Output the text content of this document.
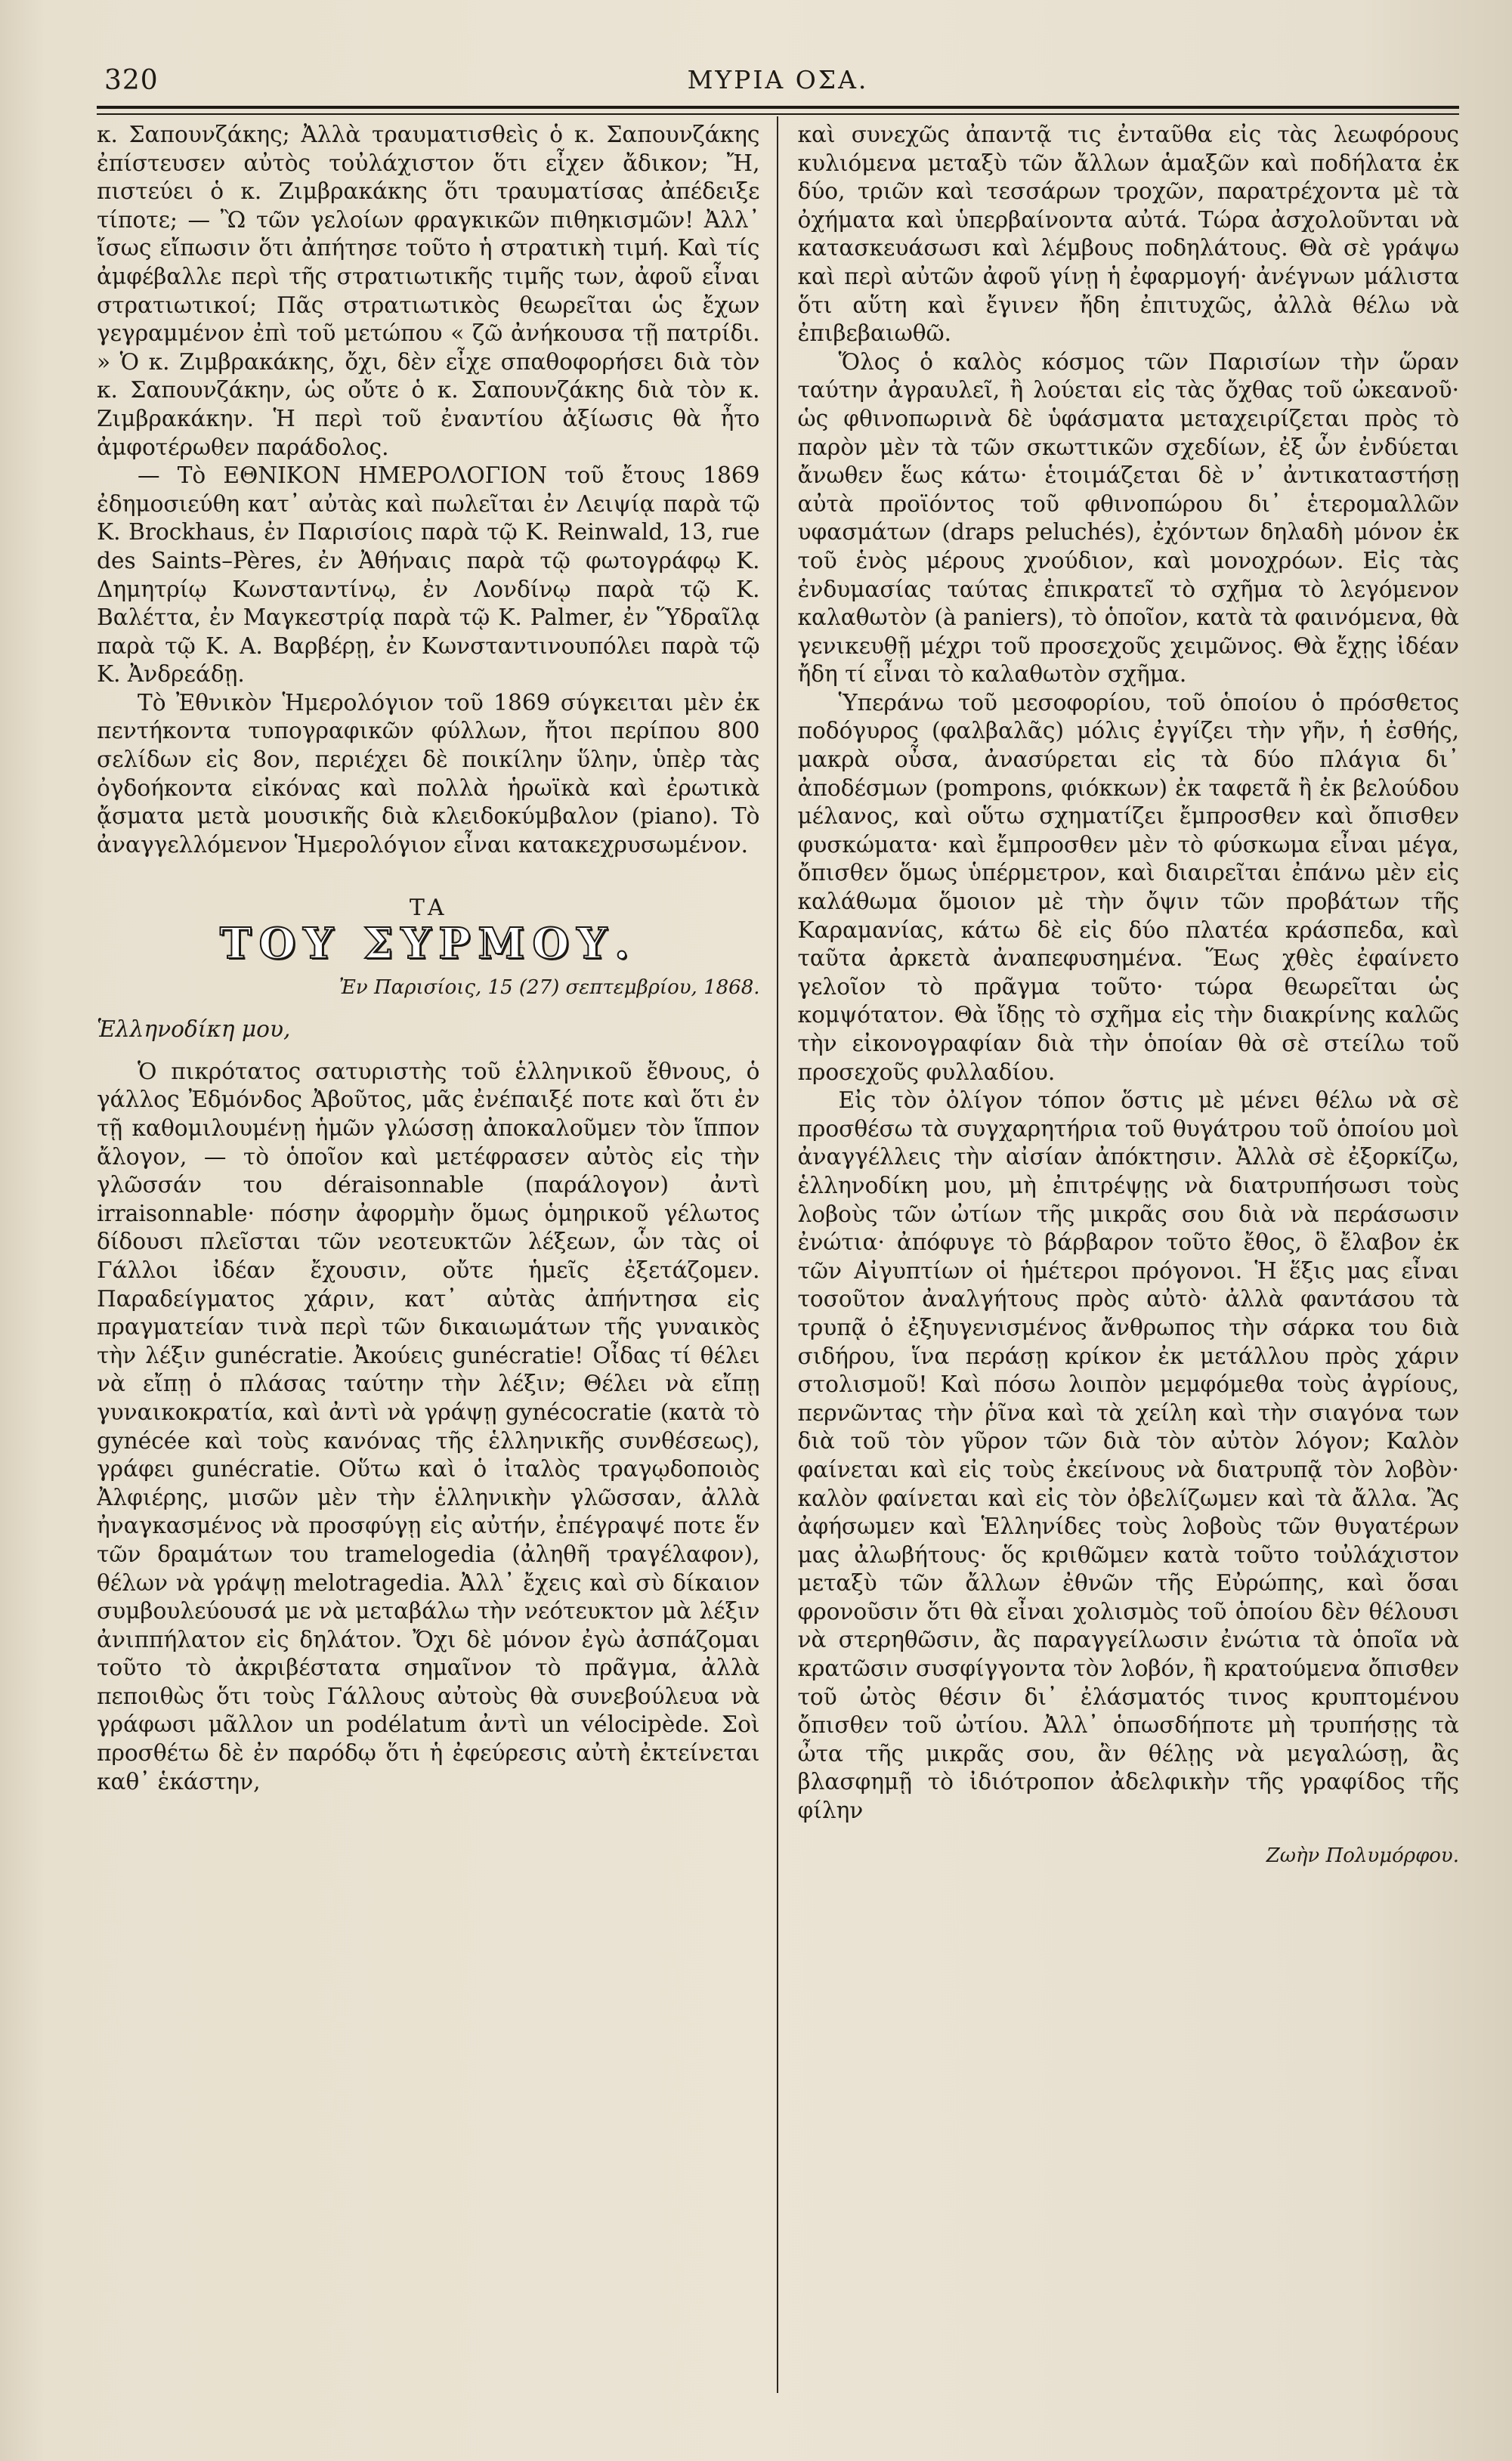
320	ΜΥΡΙΑ ΟΣΑ.

κ. Σαπουνζάκης; Ἀλλὰ τραυματισθεὶς ὁ κ. Σαπουνζάκης ἐπίστευσεν αὐτὸς τοὐλάχιστον ὅτι εἶχεν ἄδικον; Ἤ, πιστεύει ὁ κ. Ζιμβρακάκης ὅτι τραυματίσας ἀπέδειξε τίποτε; — Ὢ τῶν γελοίων φραγκικῶν πιθηκισμῶν! Ἀλλ᾽ ἴσως εἴπωσιν ὅτι ἀπήτησε τοῦτο ἡ στρατικὴ τιμή. Καὶ τίς ἀμφέβαλλε περὶ τῆς στρατιωτικῆς τιμῆς των, ἀφοῦ εἶναι στρατιωτικοί; Πᾶς στρατιωτικὸς θεωρεῖται ὡς ἔχων γεγραμμένον ἐπὶ τοῦ μετώπου « ζῶ ἀνήκουσα τῇ πατρίδι. » Ὁ κ. Ζιμβρακάκης, ὄχι, δὲν εἶχε σπαθοφορήσει διὰ τὸν κ. Σαπουνζάκην, ὡς οὔτε ὁ κ. Σαπουνζάκης διὰ τὸν κ. Ζιμβρακάκην. Ἡ περὶ τοῦ ἐναντίου ἀξίωσις θὰ ἦτο ἀμφοτέρωθεν παράδολος.

— Τὸ ΕΘΝΙΚΟΝ ΗΜΕΡΟΛΟΓΙΟΝ τοῦ ἔτους 1869 ἐδημοσιεύθη κατ᾽ αὐτὰς καὶ πωλεῖται ἐν Λειψίᾳ παρὰ τῷ Κ. Brockhaus, ἐν Παρισίοις παρὰ τῷ Κ. Reinwald, 13, rue des Saints–Pères, ἐν Ἀθήναις παρὰ τῷ φωτογράφῳ Κ. Δημητρίῳ Κωνσταντίνῳ, ἐν Λονδίνῳ παρὰ τῷ Κ. Βαλέττα, ἐν Μαγκεστρίᾳ παρὰ τῷ Κ. Palmer, ἐν Ὕδραῖλᾳ παρὰ τῷ Κ. Α. Βαρβέρῃ, ἐν Κωνσταντινουπόλει παρὰ τῷ Κ. Ἀνδρεάδῃ.

Τὸ Ἐθνικὸν Ἡμερολόγιον τοῦ 1869 σύγκειται μὲν ἐκ πεντήκοντα τυπογραφικῶν φύλλων, ἤτοι περίπου 800 σελίδων εἰς 8ον, περιέχει δὲ ποικίλην ὕλην, ὑπὲρ τὰς ὀγδοήκοντα εἰκόνας καὶ πολλὰ ἡρωϊκὰ καὶ ἐρωτικὰ ᾄσματα μετὰ μουσικῆς διὰ κλειδοκύμβαλον (piano). Τὸ ἀναγγελλόμενον Ἡμερολόγιον εἶναι κατακεχρυσωμένον.

ΤΑ
ΤΟΥ ΣΥΡΜΟΥ.
Ἐν Παρισίοις, 15 (27) σεπτεμβρίου, 1868.

Ἑλληνοδίκη μου,

Ὁ πικρότατος σατυριστὴς τοῦ ἑλληνικοῦ ἔθνους, ὁ γάλλος Ἐδμόνδος Ἀβοῦτος, μᾶς ἐνέπαιξέ ποτε καὶ ὅτι ἐν τῇ καθομιλουμένῃ ἡμῶν γλώσσῃ ἀποκαλοῦμεν τὸν ἵππον ἄλογον, — τὸ ὁποῖον καὶ μετέφρασεν αὐτὸς εἰς τὴν γλῶσσάν του déraisonnable (παράλογον) ἀντὶ irraisonnable· πόσην ἀφορμὴν ὅμως ὁμηρικοῦ γέλωτος δίδουσι πλεῖσται τῶν νεοτευκτῶν λέξεων, ὧν τὰς οἱ Γάλλοι ἰδέαν ἔχουσιν, οὔτε ἡμεῖς ἐξετάζομεν. Παραδείγματος χάριν, κατ᾽ αὐτὰς ἀπήντησα εἰς πραγματείαν τινὰ περὶ τῶν δικαιωμάτων τῆς γυναικὸς τὴν λέξιν gunécratie. Ἀκούεις gunécratie! Οἶδας τί θέλει νὰ εἴπῃ ὁ πλάσας ταύτην τὴν λέξιν; Θέλει νὰ εἴπῃ γυναικοκρατία, καὶ ἀντὶ νὰ γράψῃ gynécocratie (κατὰ τὸ gynécée καὶ τοὺς κανόνας τῆς ἑλληνικῆς συνθέσεως), γράφει gunécratie. Οὕτω καὶ ὁ ἰταλὸς τραγῳδοποιὸς Ἀλφιέρης, μισῶν μὲν τὴν ἑλληνικὴν γλῶσσαν, ἀλλὰ ἠναγκασμένος νὰ προσφύγῃ εἰς αὐτήν, ἐπέγραψέ ποτε ἕν τῶν δραμάτων του tramelogedia (ἀληθῆ τραγέλαφον), θέλων νὰ γράψῃ melotragedia. Ἀλλ᾽ ἔχεις καὶ σὺ δίκαιον συμβουλεύουσά με νὰ μεταβάλω τὴν νεότευκτον μὰ λέξιν ἀνιππήλατον εἰς δηλάτον. Ὄχι δὲ μόνον ἐγὼ ἀσπάζομαι τοῦτο τὸ ἀκριβέστατα σημαῖνον τὸ πρᾶγμα, ἀλλὰ πεποιθὼς ὅτι τοὺς Γάλλους αὐτοὺς θὰ συνεβούλευα νὰ γράφωσι μᾶλλον un podélatum ἀντὶ un vélocipède. Σοὶ προσθέτω δὲ ἐν παρόδῳ ὅτι ἡ ἐφεύρεσις αὐτὴ ἐκτείνεται καθ᾽ ἑκάστην,

καὶ συνεχῶς ἀπαντᾷ τις ἐνταῦθα εἰς τὰς λεωφόρους κυλιόμενα μεταξὺ τῶν ἄλλων ἁμαξῶν καὶ ποδήλατα ἐκ δύο, τριῶν καὶ τεσσάρων τροχῶν, παρατρέχοντα μὲ τὰ ὀχήματα καὶ ὑπερβαίνοντα αὐτά. Τώρα ἀσχολοῦνται νὰ κατασκευάσωσι καὶ λέμβους ποδηλάτους. Θὰ σὲ γράψω καὶ περὶ αὐτῶν ἀφοῦ γίνῃ ἡ ἐφαρμογή· ἀνέγνων μάλιστα ὅτι αὕτη καὶ ἔγινεν ἤδη ἐπιτυχῶς, ἀλλὰ θέλω νὰ ἐπιβεβαιωθῶ.

Ὅλος ὁ καλὸς κόσμος τῶν Παρισίων τὴν ὥραν ταύτην ἀγραυλεῖ, ἢ λούεται εἰς τὰς ὄχθας τοῦ ὠκεανοῦ· ὡς φθινοπωρινὰ δὲ ὑφάσματα μεταχειρίζεται πρὸς τὸ παρὸν μὲν τὰ τῶν σκωττικῶν σχεδίων, ἐξ ὧν ἐνδύεται ἄνωθεν ἕως κάτω· ἑτοιμάζεται δὲ ν᾽ ἀντικαταστήσῃ αὐτὰ προϊόντος τοῦ φθινοπώρου δι᾽ ἑτερομαλλῶν υφασμάτων (draps peluchés), ἐχόντων δηλαδὴ μόνον ἐκ τοῦ ἑνὸς μέρους χνούδιον, καὶ μονοχρόων. Εἰς τὰς ἐνδυμασίας ταύτας ἐπικρατεῖ τὸ σχῆμα τὸ λεγόμενον καλαθωτὸν (à paniers), τὸ ὁποῖον, κατὰ τὰ φαινόμενα, θὰ γενικευθῇ μέχρι τοῦ προσεχοῦς χειμῶνος. Θὰ ἔχῃς ἰδέαν ἤδη τί εἶναι τὸ καλαθωτὸν σχῆμα.

Ὑπεράνω τοῦ μεσοφορίου, τοῦ ὁποίου ὁ πρόσθετος ποδόγυρος (φαλβαλᾶς) μόλις ἐγγίζει τὴν γῆν, ἡ ἐσθής, μακρὰ οὖσα, ἀνασύρεται εἰς τὰ δύο πλάγια δι᾽ ἀποδέσμων (pompons, φιόκκων) ἐκ ταφετᾶ ἢ ἐκ βελούδου μέλανος, καὶ οὕτω σχηματίζει ἔμπροσθεν καὶ ὄπισθεν φυσκώματα· καὶ ἔμπροσθεν μὲν τὸ φύσκωμα εἶναι μέγα, ὄπισθεν ὅμως ὑπέρμετρον, καὶ διαιρεῖται ἐπάνω μὲν εἰς καλάθωμα ὅμοιον μὲ τὴν ὄψιν τῶν προβάτων τῆς Καραμανίας, κάτω δὲ εἰς δύο πλατέα κράσπεδα, καὶ ταῦτα ἀρκετὰ ἀναπεφυσημένα. Ἕως χθὲς ἐφαίνετο γελοῖον τὸ πρᾶγμα τοῦτο· τώρα θεωρεῖται ὡς κομψότατον. Θὰ ἴδῃς τὸ σχῆμα εἰς τὴν διακρίνης καλῶς τὴν εἰκονογραφίαν διὰ τὴν ὁποίαν θὰ σὲ στείλω τοῦ προσεχοῦς φυλλαδίου.

Εἰς τὸν ὀλίγον τόπον ὅστις μὲ μένει θέλω νὰ σὲ προσθέσω τὰ συγχαρητήρια τοῦ θυγάτρου τοῦ ὁποίου μοὶ ἀναγγέλλεις τὴν αἰσίαν ἀπόκτησιν. Ἀλλὰ σὲ ἐξορκίζω, ἑλληνοδίκη μου, μὴ ἐπιτρέψῃς νὰ διατρυπήσωσι τοὺς λοβοὺς τῶν ὠτίων τῆς μικρᾶς σου διὰ νὰ περάσωσιν ἐνώτια· ἀπόφυγε τὸ βάρβαρον τοῦτο ἔθος, ὃ ἔλαβον ἐκ τῶν Αἰγυπτίων οἱ ἡμέτεροι πρόγονοι. Ἡ ἕξις μας εἶναι τοσοῦτον ἀναλγήτους πρὸς αὐτὸ· ἀλλὰ φαντάσου τὰ τρυπᾷ ὁ ἐξηυγενισμένος ἄνθρωπος τὴν σάρκα του διὰ σιδήρου, ἵνα περάσῃ κρίκον ἐκ μετάλλου πρὸς χάριν στολισμοῦ! Καὶ πόσω λοιπὸν μεμφόμεθα τοὺς ἀγρίους, περνῶντας τὴν ῥῖνα καὶ τὰ χείλη καὶ τὴν σιαγόνα των διὰ τοῦ τὸν γῦρον τῶν διὰ τὸν αὐτὸν λόγον; Καλὸν φαίνεται καὶ εἰς τοὺς ἐκείνους νὰ διατρυπᾷ τὸν λοβὸν· καλὸν φαίνεται καὶ εἰς τὸν ὀβελίζωμεν καὶ τὰ ἄλλα. Ἂς ἀφήσωμεν καὶ Ἑλληνίδες τοὺς λοβοὺς τῶν θυγατέρων μας ἀλωβήτους· ὅς κριθῶμεν κατὰ τοῦτο τοὐλάχιστον μεταξὺ τῶν ἄλλων ἐθνῶν τῆς Εὐρώπης, καὶ ὅσαι φρονοῦσιν ὅτι θὰ εἶναι χολισμὸς τοῦ ὁποίου δὲν θέλουσι νὰ στερηθῶσιν, ἂς παραγγείλωσιν ἐνώτια τὰ ὁποῖα νὰ κρατῶσιν συσφίγγοντα τὸν λοβόν, ἢ κρατούμενα ὄπισθεν τοῦ ὠτὸς θέσιν δι᾽ ἐλάσματός τινος κρυπτομένου ὄπισθεν τοῦ ὠτίου. Ἀλλ᾽ ὁπωσδήποτε μὴ τρυπήσῃς τὰ ὦτα τῆς μικρᾶς σου, ἂν θέλῃς νὰ μεγαλώσῃ, ἂς βλασφημῇ τὸ ἰδιότροπον ἀδελφικὴν τῆς γραφίδος τῆς φίλην

Ζωὴν Πολυμόρφου.
